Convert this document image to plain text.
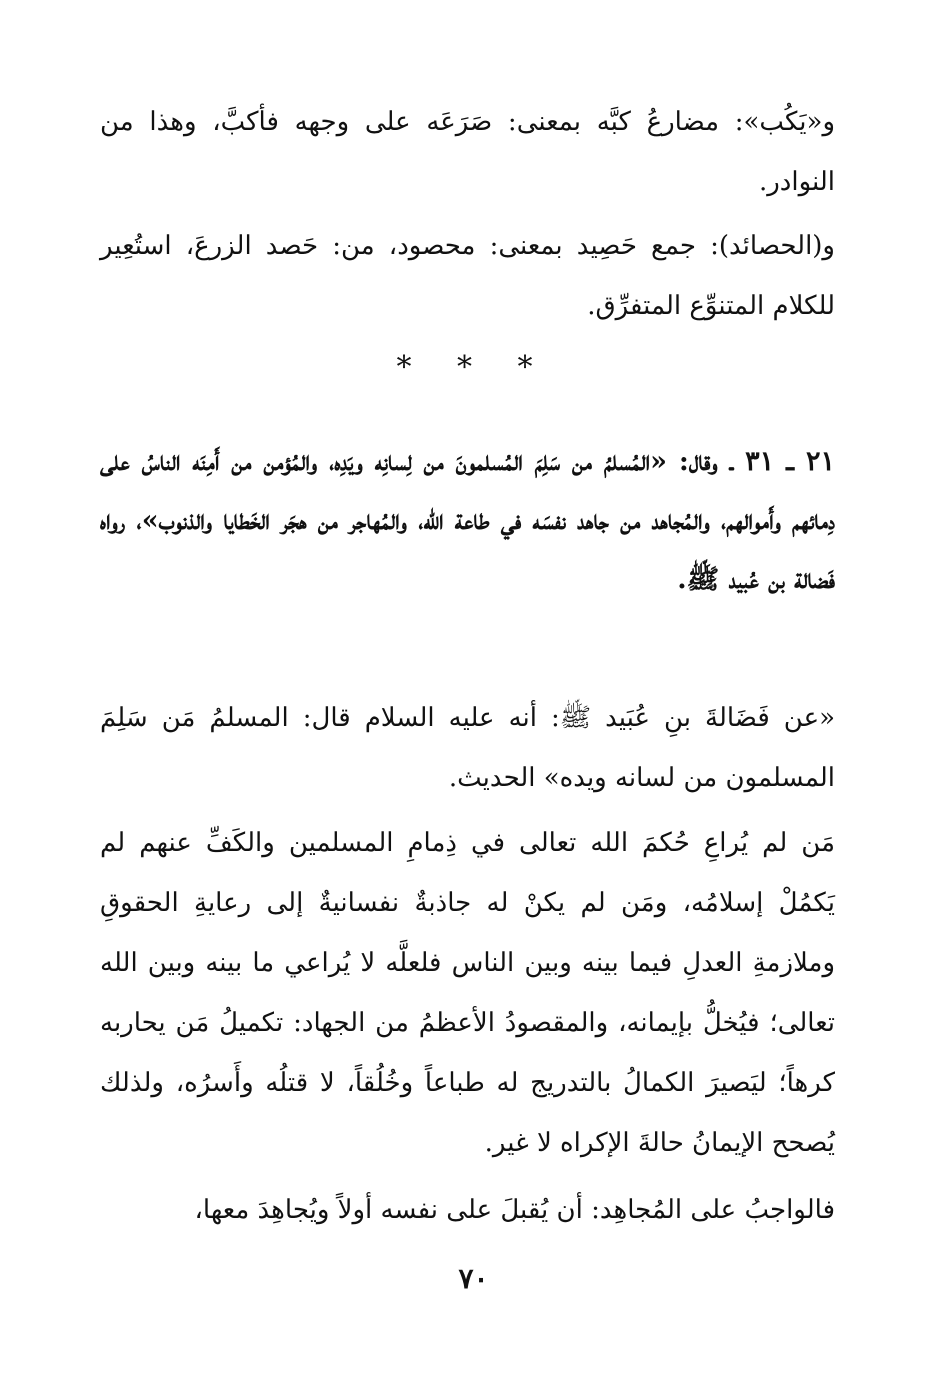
و«يَكُب»: مضارعُ كبَّه بمعنى: صَرَعَه على وجهه فأكبَّ، وهذا من النوادر.

و(الحصائد): جمع حَصِيد بمعنى: محصود، من: حَصد الزرعَ، استُعِير للكلام المتنوِّع المتفرِّق.

* * *

٢١ ـ ٣١ ـ وقال: «المُسلمُ من سَلِمَ المُسلمونَ من لِسانِه ويَدِه، والمُؤمن من أَمِنَه الناسُ على دِمائهم وأَموالهم، والمُجاهد من جاهد نفسَه في طاعة الله، والمُهاجر من هجَر الخَطايا والذنوب»، رواه فَضالة بن عُبيد ﷺ.

«عن فَضَالةَ بنِ عُبَيد ﷺ: أنه عليه السلام قال: المسلمُ مَن سَلِمَ المسلمون من لسانه ويده» الحديث.

مَن لم يُراعِ حُكمَ الله تعالى في ذِمامِ المسلمين والكَفِّ عنهم لم يَكمُلْ إسلامُه، ومَن لم يكنْ له جاذبةٌ نفسانيةٌ إلى رعايةِ الحقوقِ وملازمةِ العدلِ فيما بينه وبين الناس فلعلَّه لا يُراعي ما بينه وبين الله تعالى؛ فيُخلُّ بإيمانه، والمقصودُ الأعظمُ من الجهاد: تكميلُ مَن يحاربه كرهاً؛ ليَصيرَ الكمالُ بالتدريج له طباعاً وخُلُقاً، لا قتلُه وأَسرُه، ولذلك يُصحح الإيمانُ حالةَ الإكراه لا غير.

فالواجبُ على المُجاهِد: أن يُقبلَ على نفسه أولاً ويُجاهِدَ معها،

٧٠
